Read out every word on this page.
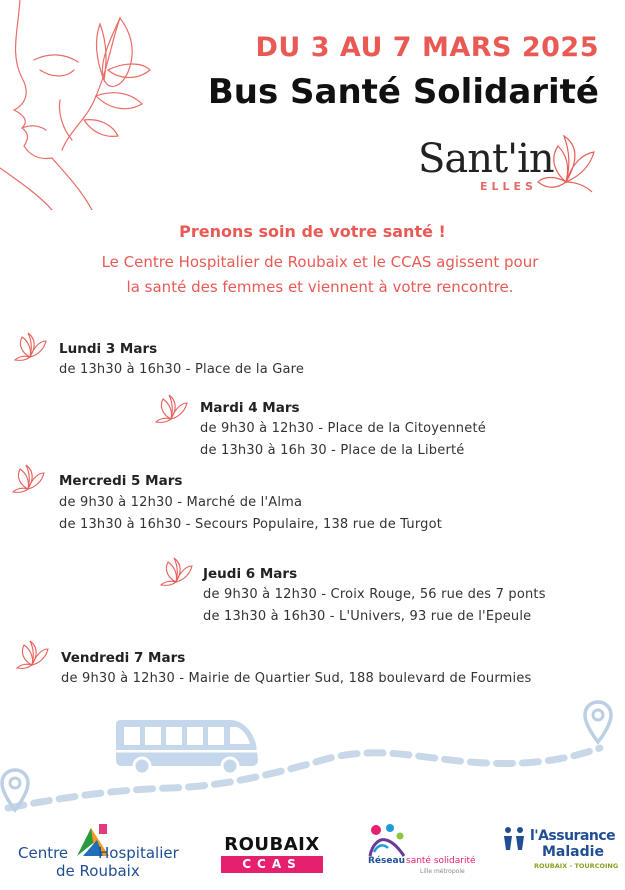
DU 3 AU 7 MARS 2025
Bus Santé Solidarité
Sant'in
ELLES
Prenons soin de votre santé !
Le Centre Hospitalier de Roubaix et le CCAS agissent pour
la santé des femmes et viennent à votre rencontre.
Lundi 3 Mars
de 13h30 à 16h30 - Place de la Gare
Mardi 4 Mars
de 9h30 à 12h30 - Place de la Citoyenneté
de 13h30 à 16h 30 - Place de la Liberté
Mercredi 5 Mars
de 9h30 à 12h30 - Marché de l'Alma
de 13h30 à 16h30 - Secours Populaire, 138 rue de Turgot
Jeudi 6 Mars
de 9h30 à 12h30 - Croix Rouge, 56 rue des 7 ponts
de 13h30 à 16h30 - L'Univers, 93 rue de l'Epeule
Vendredi 7 Mars
de 9h30 à 12h30 - Mairie de Quartier Sud, 188 boulevard de Fourmies
Centre Hospitalier
de Roubaix
ROUBAIX
CCAS	Réseau santé solidarité
Lille métropole
l'Assurance
Maladie
ROUBAIX - TOURCOING
